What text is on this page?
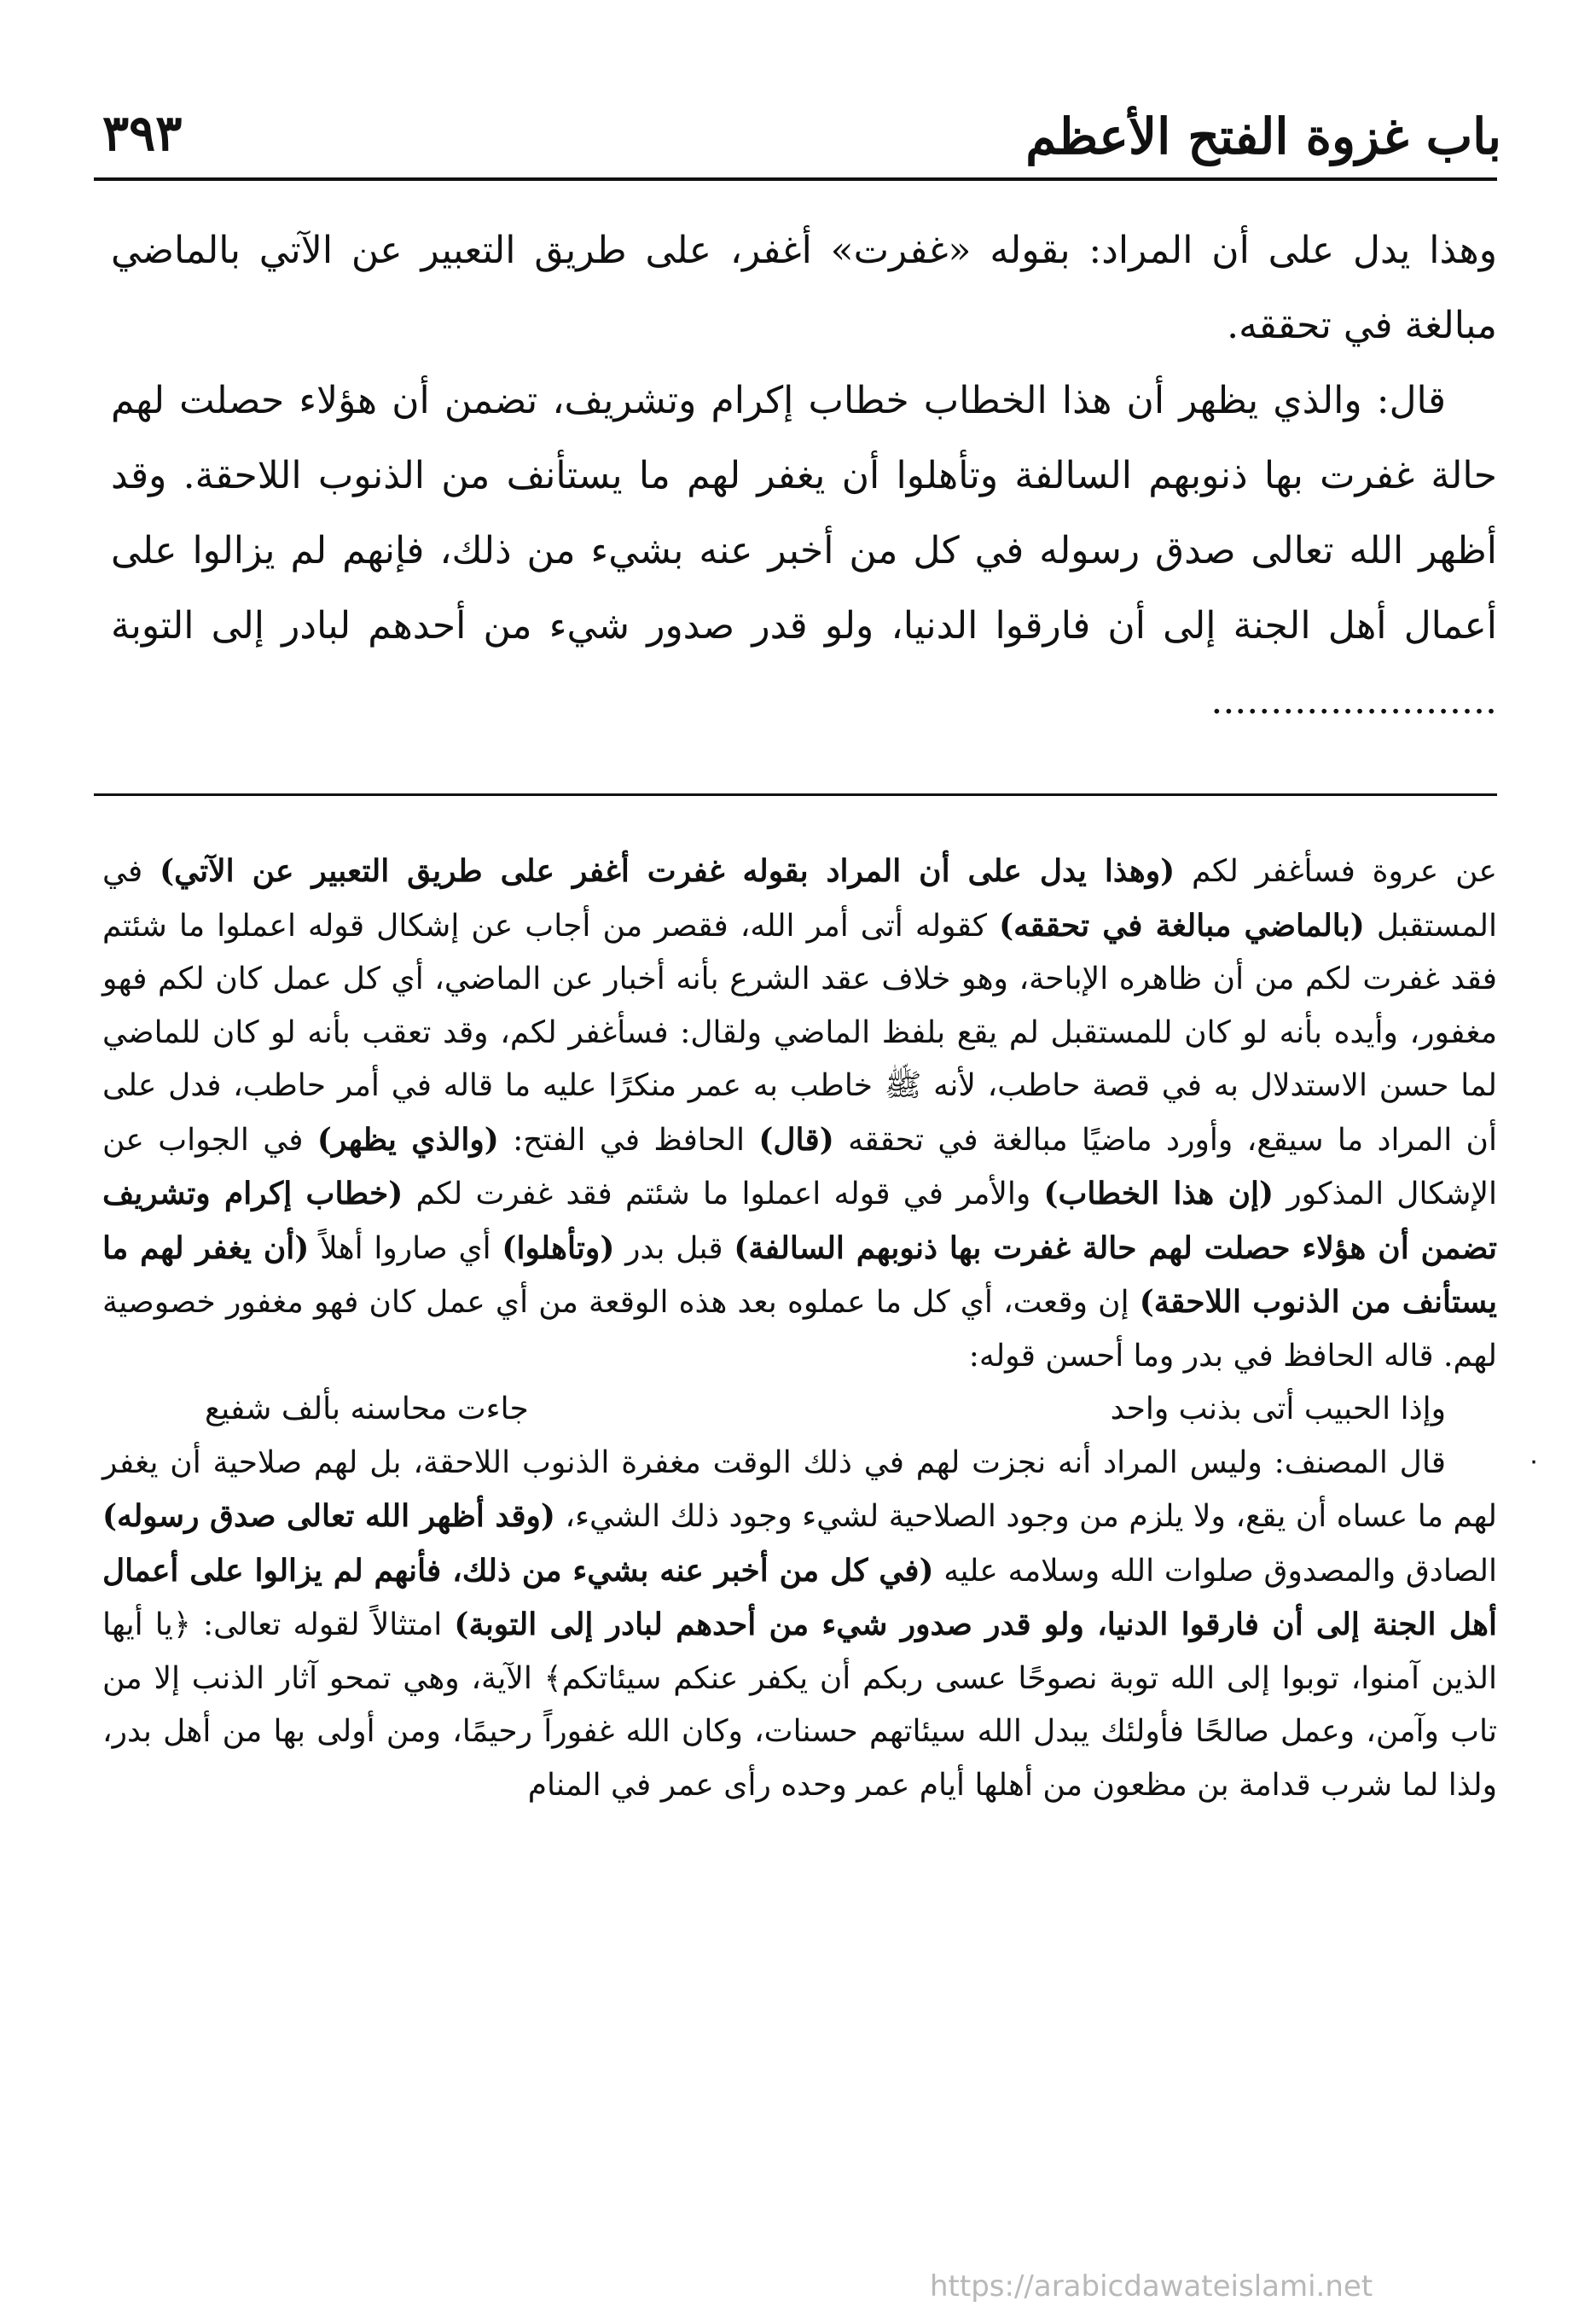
باب غزوة الفتح الأعظم
٣٩٣

وهذا يدل على أن المراد: بقوله «غفرت» أغفر، على طريق التعبير عن الآتي بالماضي مبالغة في تحققه.

قال: والذي يظهر أن هذا الخطاب خطاب إكرام وتشريف، تضمن أن هؤلاء حصلت لهم حالة غفرت بها ذنوبهم السالفة وتأهلوا أن يغفر لهم ما يستأنف من الذنوب اللاحقة. وقد أظهر الله تعالى صدق رسوله في كل من أخبر عنه بشيء من ذلك، فإنهم لم يزالوا على أعمال أهل الجنة إلى أن فارقوا الدنيا، ولو قدر صدور شيء من أحدهم لبادر إلى التوبة ........................

عن عروة فسأغفر لكم (وهذا يدل على أن المراد بقوله غفرت أغفر على طريق التعبير عن الآتي) في المستقبل (بالماضي مبالغة في تحققه) كقوله أتى أمر الله، فقصر من أجاب عن إشكال قوله اعملوا ما شئتم فقد غفرت لكم من أن ظاهره الإباحة، وهو خلاف عقد الشرع بأنه أخبار عن الماضي، أي كل عمل كان لكم فهو مغفور، وأيده بأنه لو كان للمستقبل لم يقع بلفظ الماضي ولقال: فسأغفر لكم، وقد تعقب بأنه لو كان للماضي لما حسن الاستدلال به في قصة حاطب، لأنه ﷺ خاطب به عمر منكرًا عليه ما قاله في أمر حاطب، فدل على أن المراد ما سيقع، وأورد ماضيًا مبالغة في تحققه (قال) الحافظ في الفتح: (والذي يظهر) في الجواب عن الإشكال المذكور (إن هذا الخطاب) والأمر في قوله اعملوا ما شئتم فقد غفرت لكم (خطاب إكرام وتشريف تضمن أن هؤلاء حصلت لهم حالة غفرت بها ذنوبهم السالفة) قبل بدر (وتأهلوا) أي صاروا أهلاً (أن يغفر لهم ما يستأنف من الذنوب اللاحقة) إن وقعت، أي كل ما عملوه بعد هذه الوقعة من أي عمل كان فهو مغفور خصوصية لهم. قاله الحافظ في بدر وما أحسن قوله:

وإذا الحبيب أتى بذنب واحد
جاءت محاسنه بألف شفيع

قال المصنف: وليس المراد أنه نجزت لهم في ذلك الوقت مغفرة الذنوب اللاحقة، بل لهم صلاحية أن يغفر لهم ما عساه أن يقع، ولا يلزم من وجود الصلاحية لشيء وجود ذلك الشيء، (وقد أظهر الله تعالى صدق رسوله) الصادق والمصدوق صلوات الله وسلامه عليه (في كل من أخبر عنه بشيء من ذلك، فأنهم لم يزالوا على أعمال أهل الجنة إلى أن فارقوا الدنيا، ولو قدر صدور شيء من أحدهم لبادر إلى التوبة) امتثالاً لقوله تعالى: ﴿يا أيها الذين آمنوا، توبوا إلى الله توبة نصوحًا عسى ربكم أن يكفر عنكم سيئاتكم﴾ الآية، وهي تمحو آثار الذنب إلا من تاب وآمن، وعمل صالحًا فأولئك يبدل الله سيئاتهم حسنات، وكان الله غفوراً رحيمًا، ومن أولى بها من أهل بدر، ولذا لما شرب قدامة بن مظعون من أهلها أيام عمر وحده رأى عمر في المنام

٠
https://arabicdawateislami.net
